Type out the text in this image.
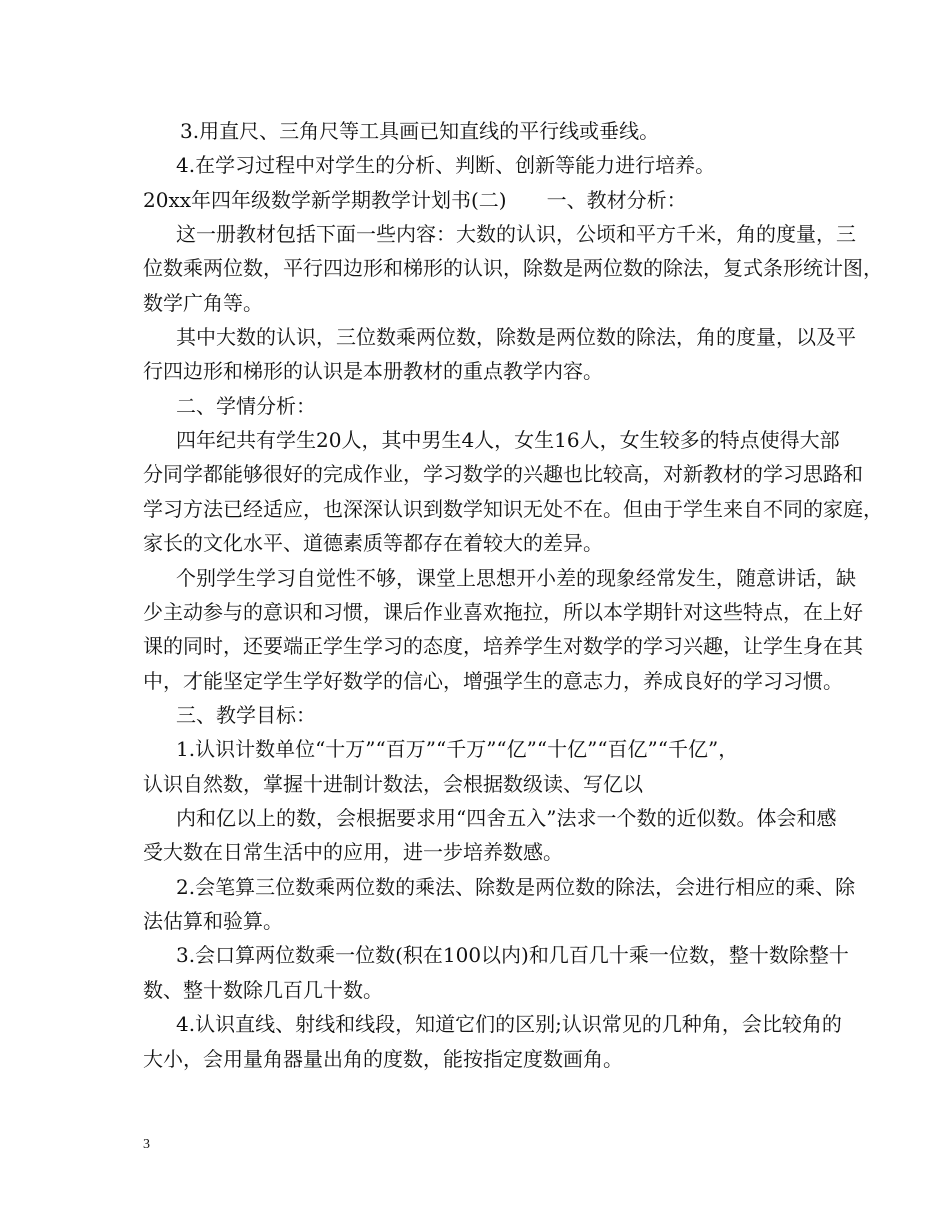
3.用直尺、三角尺等工具画已知直线的平行线或垂线。
4.在学习过程中对学生的分析、判断、创新等能力进行培养。
20xx年四年级数学新学期教学计划书(二)　　一、教材分析：
这一册教材包括下面一些内容：大数的认识，公顷和平方千米，角的度量，三
位数乘两位数，平行四边形和梯形的认识，除数是两位数的除法，复式条形统计图，
数学广角等。
其中大数的认识，三位数乘两位数，除数是两位数的除法，角的度量，以及平
行四边形和梯形的认识是本册教材的重点教学内容。
二、学情分析：
四年纪共有学生20人，其中男生4人，女生16人，女生较多的特点使得大部
分同学都能够很好的完成作业，学习数学的兴趣也比较高，对新教材的学习思路和
学习方法已经适应，也深深认识到数学知识无处不在。但由于学生来自不同的家庭，
家长的文化水平、道德素质等都存在着较大的差异。
个别学生学习自觉性不够，课堂上思想开小差的现象经常发生，随意讲话，缺
少主动参与的意识和习惯，课后作业喜欢拖拉，所以本学期针对这些特点，在上好
课的同时，还要端正学生学习的态度，培养学生对数学的学习兴趣，让学生身在其
中，才能坚定学生学好数学的信心，增强学生的意志力，养成良好的学习习惯。
三、教学目标：
1.认识计数单位“十万”“百万”“千万”“亿”“十亿”“百亿”“千亿”，
认识自然数，掌握十进制计数法，会根据数级读、写亿以
内和亿以上的数，会根据要求用“四舍五入”法求一个数的近似数。体会和感
受大数在日常生活中的应用，进一步培养数感。
2.会笔算三位数乘两位数的乘法、除数是两位数的除法，会进行相应的乘、除
法估算和验算。
3.会口算两位数乘一位数(积在100以内)和几百几十乘一位数，整十数除整十
数、整十数除几百几十数。
4.认识直线、射线和线段，知道它们的区别;认识常见的几种角，会比较角的
大小，会用量角器量出角的度数，能按指定度数画角。
3
